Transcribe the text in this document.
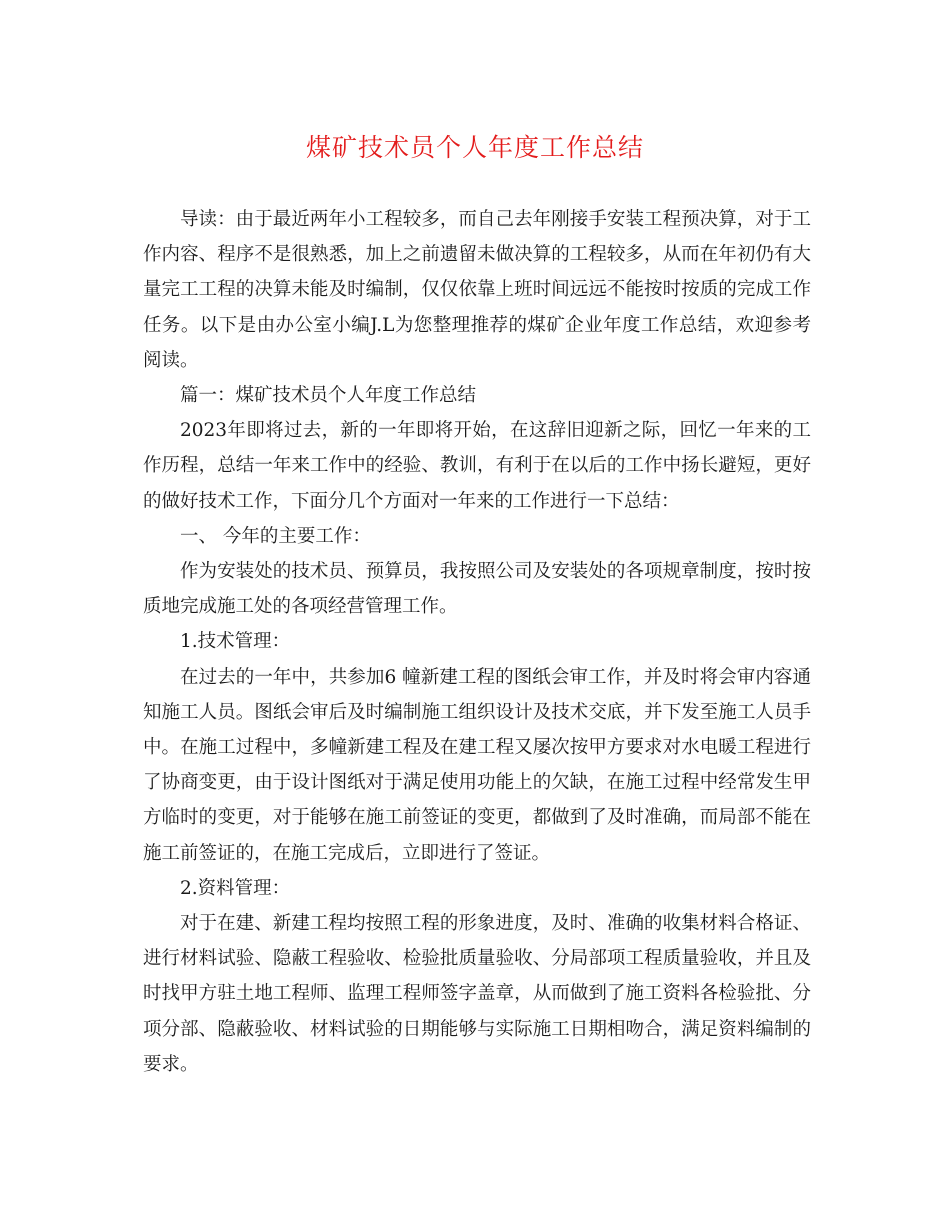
煤矿技术员个人年度工作总结

导读：由于最近两年小工程较多，而自己去年刚接手安装工程预决算，对于工作内容、程序不是很熟悉，加上之前遗留未做决算的工程较多，从而在年初仍有大量完工工程的决算未能及时编制，仅仅依靠上班时间远远不能按时按质的完成工作任务。以下是由办公室小编J.L为您整理推荐的煤矿企业年度工作总结，欢迎参考阅读。

篇一：煤矿技术员个人年度工作总结

2023年即将过去，新的一年即将开始，在这辞旧迎新之际，回忆一年来的工作历程，总结一年来工作中的经验、教训，有利于在以后的工作中扬长避短，更好的做好技术工作，下面分几个方面对一年来的工作进行一下总结：

一、 今年的主要工作：

作为安装处的技术员、预算员，我按照公司及安装处的各项规章制度，按时按质地完成施工处的各项经营管理工作。

1.技术管理：

在过去的一年中，共参加6 幢新建工程的图纸会审工作，并及时将会审内容通知施工人员。图纸会审后及时编制施工组织设计及技术交底，并下发至施工人员手中。在施工过程中，多幢新建工程及在建工程又屡次按甲方要求对水电暖工程进行了协商变更，由于设计图纸对于满足使用功能上的欠缺，在施工过程中经常发生甲方临时的变更，对于能够在施工前签证的变更，都做到了及时准确，而局部不能在施工前签证的，在施工完成后，立即进行了签证。

2.资料管理：

对于在建、新建工程均按照工程的形象进度，及时、准确的收集材料合格证、进行材料试验、隐蔽工程验收、检验批质量验收、分局部项工程质量验收，并且及时找甲方驻土地工程师、监理工程师签字盖章，从而做到了施工资料各检验批、分项分部、隐蔽验收、材料试验的日期能够与实际施工日期相吻合，满足资料编制的要求。
